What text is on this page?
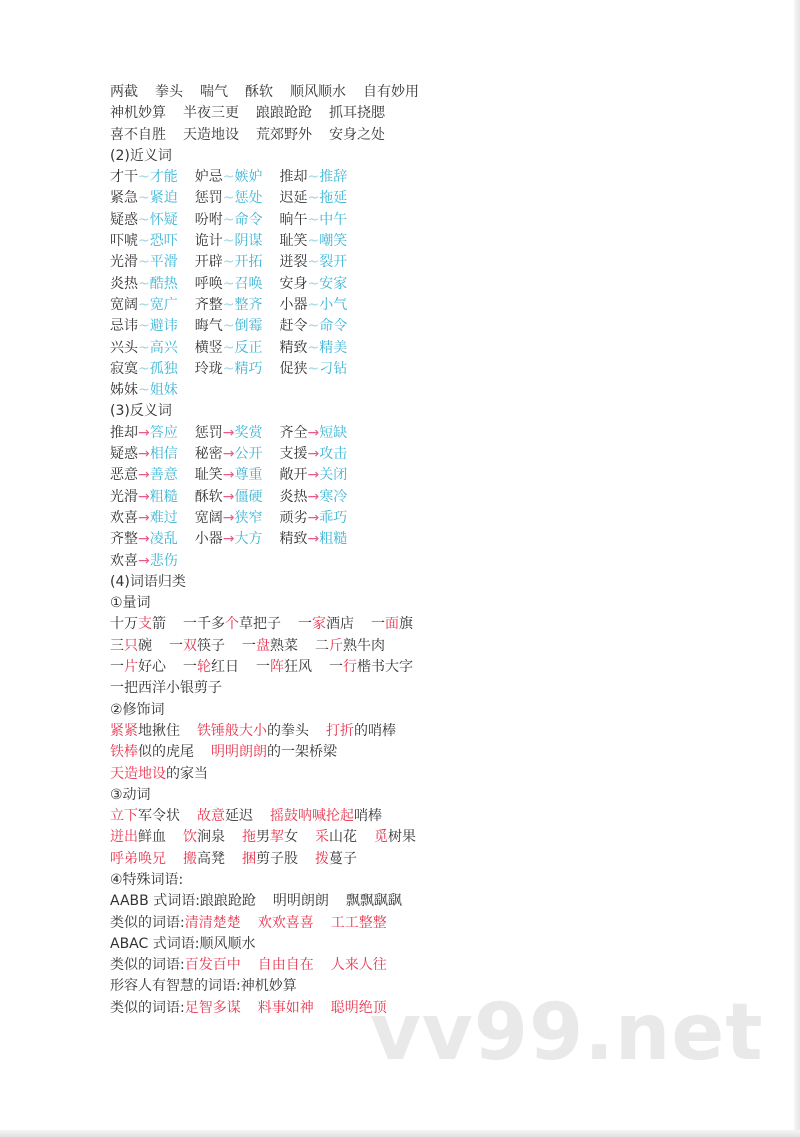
两截 拳头 喘气 酥软 顺风顺水 自有妙用
神机妙算 半夜三更 踉踉跄跄 抓耳挠腮
喜不自胜 天造地设 荒郊野外 安身之处
(2)近义词
才干~才能 妒忌~嫉妒 推却~推辞
紧急~紧迫 惩罚~惩处 迟延~拖延
疑惑~怀疑 吩咐~命令 晌午~中午
吓唬~恐吓 诡计~阴谋 耻笑~嘲笑
光滑~平滑 开辟~开拓 迸裂~裂开
炎热~酷热 呼唤~召唤 安身~安家
宽阔~宽广 齐整~整齐 小器~小气
忌讳~避讳 晦气~倒霉 赶令~命令
兴头~高兴 横竖~反正 精致~精美
寂寞~孤独 玲珑~精巧 促狭~刁钻
姊妹~姐妹
(3)反义词
推却→答应 惩罚→奖赏 齐全→短缺
疑惑→相信 秘密→公开 支援→攻击
恶意→善意 耻笑→尊重 敞开→关闭
光滑→粗糙 酥软→僵硬 炎热→寒冷
欢喜→难过 宽阔→狭窄 顽劣→乖巧
齐整→凌乱 小器→大方 精致→粗糙
欢喜→悲伤
(4)词语归类
①量词
十万支箭 一千多个草把子 一家酒店 一面旗
三只碗 一双筷子 一盘熟菜 二斤熟牛肉
一片好心 一轮红日 一阵狂风 一行楷书大字
一把西洋小银剪子
②修饰词
紧紧地揪住 铁锤般大小的拳头 打折的哨棒
铁棒似的虎尾 明明朗朗的一架桥梁
天造地设的家当
③动词
立下军令状 故意延迟 摇鼓呐喊抡起哨棒
迸出鲜血 饮涧泉 拖男挈女 采山花 觅树果
呼弟唤兄 搬高凳 捆剪子股 拨蔓子
④特殊词语:
AABB 式词语:踉踉跄跄 明明朗朗 飘飘飖飖
类似的词语:清清楚楚 欢欢喜喜 工工整整
ABAC 式词语:顺风顺水
类似的词语:百发百中 自由自在 人来人往
形容人有智慧的词语:神机妙算
类似的词语:足智多谋 料事如神 聪明绝顶
vv99.net
